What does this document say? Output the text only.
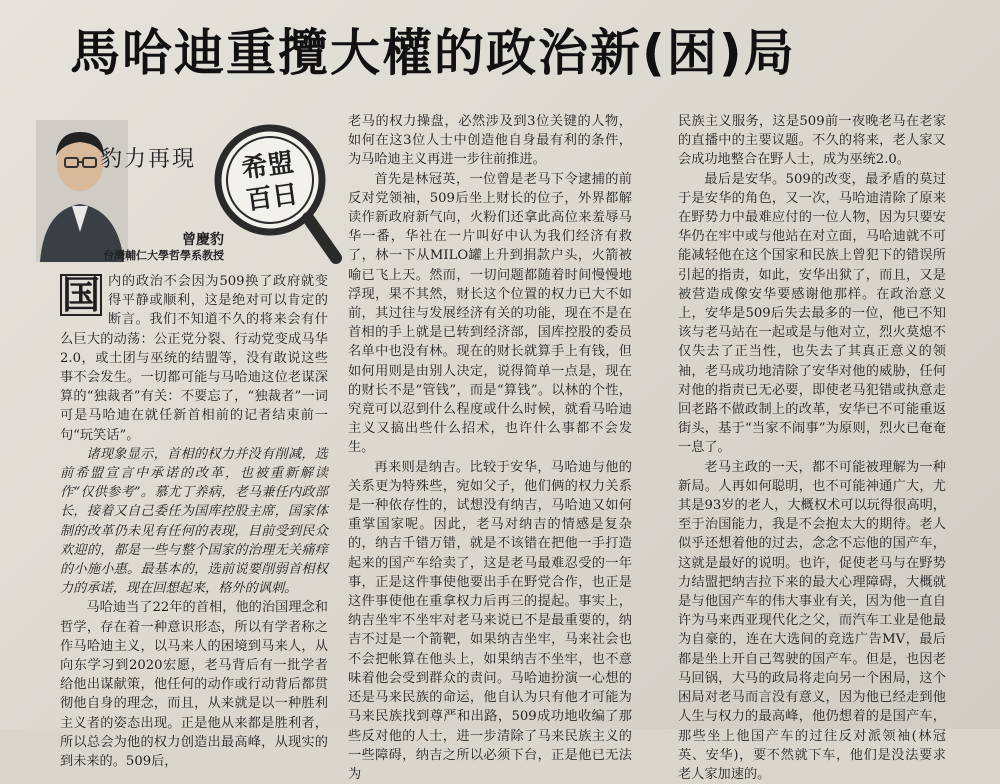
馬哈迪重攬大權的政治新(困)局
豹力再現	希盟
百日
曾慶豹
台灣輔仁大學哲學系教授
国 内的政治不会因为509换了政府就变得平静或顺利，这是绝对可以肯定的断言。我们不知道不久的将来会有什么巨大的动荡：公正党分裂、行动党变成马华2.0，或土团与巫统的结盟等，没有敢说这些事不会发生。一切都可能与马哈迪这位老谋深算的“独裁者”有关：不要忘了，“独裁者”一词可是马哈迪在就任新首相前的记者结束前一句“玩笑话”。

诸现象显示，首相的权力并没有削减，选前希盟宣言中承诺的改革，也被重新解读作“仅供参考”。慕尤丁养病，老马兼任内政部长，接着又自己委任为国库控股主席，国家体制的改革仍未见有任何的表现，目前受到民众欢迎的，都是一些与整个国家的治理无关痛痒的小施小惠。最基本的，选前说要削弱首相权力的承诺，现在回想起来，格外的讽刺。

马哈迪当了22年的首相，他的治国理念和哲学，存在着一种意识形态，所以有学者称之作马哈迪主义，以马来人的困境到马来人，从向东学习到2020宏愿，老马背后有一批学者给他出谋献策，他任何的动作或行动背后都贯彻他自身的理念，而且，从来就是以一种胜利主义者的姿态出现。正是他从来都是胜利者，所以总会为他的权力创造出最高峰，从现实的到未来的。509后，

老马的权力操盘，必然涉及到3位关键的人物，如何在这3位人士中创造他自身最有利的条件，为马哈迪主义再进一步往前推进。

首先是林冠英，一位曾是老马下令逮捕的前反对党领袖，509后坐上财长的位子，外界都解读作新政府新气向，火粉们还拿此高位来羞辱马华一番，华社在一片叫好中认为我们经济有救了，林一下从MILO罐上升到捐款户头，火箭被喻已飞上天。然而，一切问题都随着时间慢慢地浮现，果不其然，财长这个位置的权力已大不如前，其过往与发展经济有关的功能，现在不是在首相的手上就是已转到经济部，国库控股的委员名单中也没有林。现在的财长就算手上有钱，但如何用则是由别人决定，说得简单一点是，现在的财长不是“管钱”，而是“算钱”。以林的个性，究竟可以忍到什么程度或什么时候，就看马哈迪主义又搞出些什么招术，也许什么事都不会发生。

再来则是纳吉。比较于安华，马哈迪与他的关系更为特殊些，宛如父子，他们俩的权力关系是一种依存性的，试想没有纳吉，马哈迪又如何重掌国家呢。因此，老马对纳吉的情感是复杂的，纳吉千错万错，就是不该错在把他一手打造起来的国产车给卖了，这是老马最难忍受的一年事，正是这件事使他要出手在野党合作，也正是这件事使他在重拿权力后再三的提起。事实上，纳吉坐牢不坐牢对老马来说已不是最重要的，纳吉不过是一个箭靶，如果纳吉坐牢，马来社会也不会把帐算在他头上，如果纳吉不坐牢，也不意味着他会受到群众的责问。马哈迪扮演一心想的还是马来民族的命运，他自认为只有他才可能为马来民族找到尊严和出路，509成功地收编了那些反对他的人士，进一步清除了马来民族主义的一些障碍，纳吉之所以必须下台，正是他已无法为

民族主义服务，这是509前一夜晚老马在老家的直播中的主要议题。不久的将来，老人家又会成功地整合在野人士，成为巫统2.0。

最后是安华。509的改变，最矛盾的莫过于是安华的角色，又一次，马哈迪清除了原来在野势力中最难应付的一位人物，因为只要安华仍在牢中或与他站在对立面，马哈迪就不可能减轻他在这个国家和民族上曾犯下的错误所引起的指责，如此，安华出狱了，而且，又是被营造成像安华要感谢他那样。在政治意义上，安华是509后失去最多的一位，他已不知该与老马站在一起或是与他对立，烈火莫熄不仅失去了正当性，也失去了其真正意义的领袖，老马成功地清除了安华对他的威胁，任何对他的指责已无必要，即使老马犯错或执意走回老路不做政制上的改革，安华已不可能重返街头，基于“当家不闹事”为原则，烈火已奄奄一息了。

老马主政的一天，都不可能被理解为一种新局。人再如何聪明，也不可能神通广大，尤其是93岁的老人，大概权术可以玩得很高明，至于治国能力，我是不会抱太大的期待。老人似乎还想着他的过去，念念不忘他的国产车，这就是最好的说明。也许，促使老马与在野势力结盟把纳吉拉下来的最大心理障碍，大概就是与他国产车的伟大事业有关，因为他一直自许为马来西亚现代化之父，而汽车工业是他最为自豪的，连在大选间的竞选广告MV，最后都是坐上开自己驾驶的国产车。但是，也因老马回锅，大马的政局将走向另一个困局，这个困局对老马而言没有意义，因为他已经走到他人生与权力的最高峰，他仍想着的是国产车，那些坐上他国产车的过往反对派领袖(林冠英、安华)，要不然就下车，他们是没法要求老人家加速的。
